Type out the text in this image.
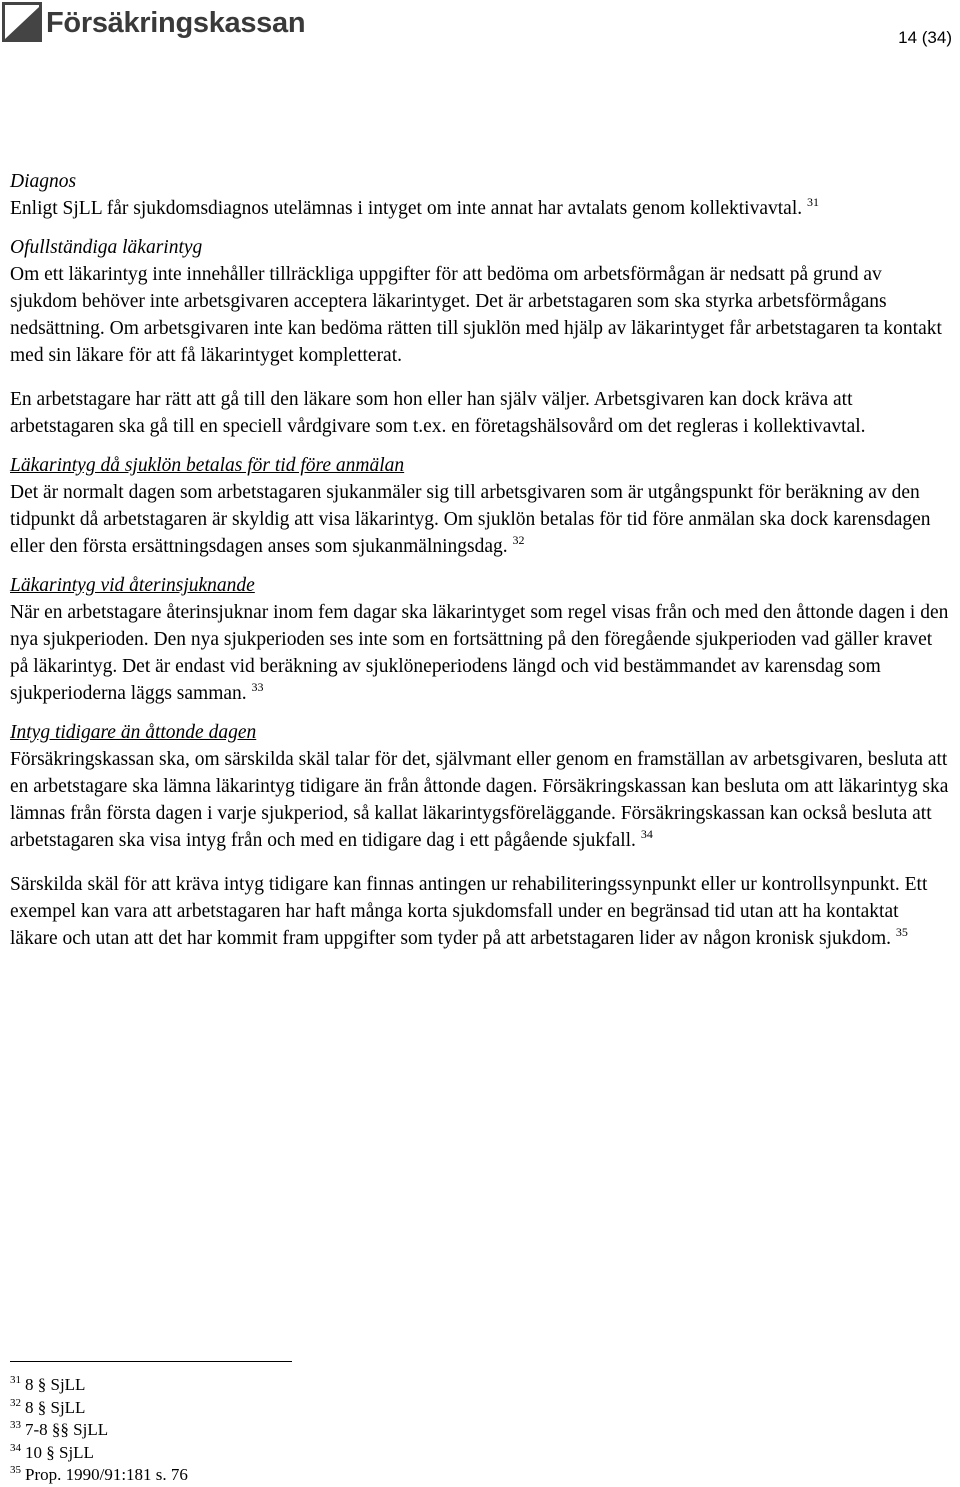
Försäkringskassan	14 (34)

Diagnos

Enligt SjLL får sjukdomsdiagnos utelämnas i intyget om inte annat har avtalats genom kollektivavtal. $^{31}$

Ofullständiga läkarintyg

Om ett läkarintyg inte innehåller tillräckliga uppgifter för att bedöma om arbetsförmågan är nedsatt på grund av sjukdom behöver inte arbetsgivaren acceptera läkarintyget. Det är arbetstagaren som ska styrka arbetsförmågans nedsättning. Om arbetsgivaren inte kan bedöma rätten till sjuklön med hjälp av läkarintyget får arbetstagaren ta kontakt med sin läkare för att få läkarintyget kompletterat.

En arbetstagare har rätt att gå till den läkare som hon eller han själv väljer. Arbetsgivaren kan dock kräva att arbetstagaren ska gå till en speciell vårdgivare som t.ex. en företagshälsovård om det regleras i kollektivavtal.

Läkarintyg då sjuklön betalas för tid före anmälan

Det är normalt dagen som arbetstagaren sjukanmäler sig till arbetsgivaren som är utgångspunkt för beräkning av den tidpunkt då arbetstagaren är skyldig att visa läkarintyg. Om sjuklön betalas för tid före anmälan ska dock karensdagen eller den första ersättningsdagen anses som sjukanmälningsdag. $^{32}$

Läkarintyg vid återinsjuknande

När en arbetstagare återinsjuknar inom fem dagar ska läkarintyget som regel visas från och med den åttonde dagen i den nya sjukperioden. Den nya sjukperioden ses inte som en fortsättning på den föregående sjukperioden vad gäller kravet på läkarintyg. Det är endast vid beräkning av sjuklöneperiodens längd och vid bestämmandet av karensdag som sjukperioderna läggs samman. $^{33}$

Intyg tidigare än åttonde dagen

Försäkringskassan ska, om särskilda skäl talar för det, självmant eller genom en framställan av arbetsgivaren, besluta att en arbetstagare ska lämna läkarintyg tidigare än från åttonde dagen. Försäkringskassan kan besluta om att läkarintyg ska lämnas från första dagen i varje sjukperiod, så kallat läkarintygsföreläggande. Försäkringskassan kan också besluta att arbetstagaren ska visa intyg från och med en tidigare dag i ett pågående sjukfall. $^{34}$

Särskilda skäl för att kräva intyg tidigare kan finnas antingen ur rehabiliteringssynpunkt eller ur kontrollsynpunkt. Ett exempel kan vara att arbetstagaren har haft många korta sjukdomsfall under en begränsad tid utan att ha kontaktat läkare och utan att det har kommit fram uppgifter som tyder på att arbetstagaren lider av någon kronisk sjukdom. $^{35}$

$^{31}$ 8 § SjLL
$^{32}$ 8 § SjLL
$^{33}$ 7-8 §§ SjLL
$^{34}$ 10 § SjLL
$^{35}$ Prop. 1990/91:181 s. 76
